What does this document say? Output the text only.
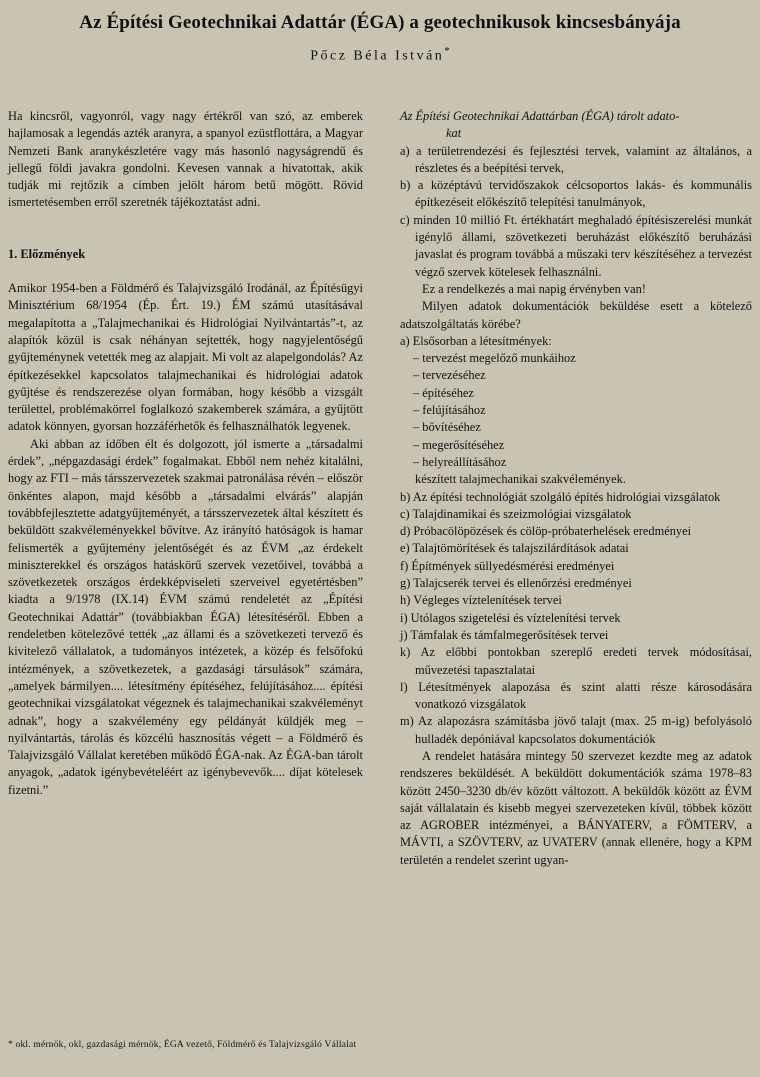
Az Építési Geotechnikai Adattár (ÉGA) a geotechnikusok kincsesbányája
Pőcz Béla István*

Ha kincsről, vagyonról, vagy nagy értékről van szó, az emberek hajlamosak a legendás azték aranyra, a spanyol ezüstflottára, a Magyar Nemzeti Bank aranykészletére vagy más hasonló nagyságrendű és jellegű földi javakra gondolni. Kevesen vannak a hivatottak, akik tudják mi rejtőzik a címben jelölt három betű mögött. Rövid ismertetésemben erről szeretnék tájékoztatást adni.

1. Előzmények

Amikor 1954-ben a Földmérő és Talajvizsgáló Irodánál, az Építésügyi Minisztérium 68/1954 (Ép. Ért. 19.) ÉM számú utasításával megalapította a „Talajmechanikai és Hidrológiai Nyilvántartás”-t, az alapítók közül is csak néhányan sejtették, hogy nagyjelentőségű gyűjteménynek vetették meg az alapjait. Mi volt az alapelgondolás? Az építkezésekkel kapcsolatos talajmechanikai és hidrológiai adatok gyűjtése és rendszerezése olyan formában, hogy később a vizsgált területtel, problémakörrel foglalkozó szakemberek számára, a gyűjtött adatok könnyen, gyorsan hozzáférhetők és felhasználhatók legyenek.

Aki abban az időben élt és dolgozott, jól ismerte a „társadalmi érdek”, „népgazdasági érdek” fogalmakat. Ebből nem nehéz kitalálni, hogy az FTI – más társszervezetek szakmai patronálása révén – először önkéntes alapon, majd később a „társadalmi elvárás” alapján továbbfejlesztette adatgyűjteményét, a társszervezetek által készített és beküldött szakvéleményekkel bővítve. Az irányító hatóságok is hamar felismerték a gyűjtemény jelentőségét és az ÉVM „az érdekelt miniszterekkel és országos hatáskörű szervek vezetőivel, továbbá a szövetkezetek országos érdekképviseleti szerveivel egyetértésben” kiadta a 9/1978 (IX.14) ÉVM számú rendeletét az „Építési Geotechnikai Adattár” (továbbiakban ÉGA) létesítéséről. Ebben a rendeletben kötelezővé tették „az állami és a szövetkezeti tervező és kivitelező vállalatok, a tudományos intézetek, a közép és felsőfokú intézmények, a szövetkezetek, a gazdasági társulások” számára, „amelyek bármilyen.... létesítmény építéséhez, felújításához.... építési geotechnikai vizsgálatokat végeznek és talajmechanikai szakvéleményt adnak”, hogy a szakvélemény egy példányát küldjék meg – nyilvántartás, tárolás és közcélú hasznosítás végett – a Földmérő és Talajvizsgáló Vállalat keretében működő ÉGA-nak. Az ÉGA-ban tárolt anyagok, „adatok igénybevételéért az igénybevevők.... díjat kötelesek fizetni.”

Az Építési Geotechnikai Adattárban (ÉGA) tárolt adato-
kat

a) a területrendezési és fejlesztési tervek, valamint az általános, a részletes és a beépítési tervek,

b) a középtávú tervidőszakok célcsoportos lakás- és kommunális építkezéseit előkészítő telepítési tanulmányok,

c) minden 10 millió Ft. értékhatárt meghaladó építésiszerelési munkát igénylő állami, szövetkezeti beruházást előkészítő beruházási javaslat és program továbbá a műszaki terv készítéséhez a tervezést végző szervek kötelesek felhasználni.

Ez a rendelkezés a mai napig érvényben van!

Milyen adatok dokumentációk beküldése esett a kötelező adatszolgáltatás körébe?

a) Elsősorban a létesítmények:

– tervezést megelőző munkáihoz

– tervezéséhez

– építéséhez

– felújításához

– bővítéséhez

– megerősítéséhez

– helyreállításához

készített talajmechanikai szakvélemények.

b) Az építési technológiát szolgáló építés hidrológiai vizsgálatok

c) Talajdinamikai és szeizmológiai vizsgálatok

d) Próbacölöpözések és cölöp-próbaterhelések eredményei

e) Talajtömörítések és talajszilárdítások adatai

f) Építmények süllyedésmérési eredményei

g) Talajcserék tervei és ellenőrzési eredményei

h) Végleges víztelenítések tervei

i) Utólagos szigetelési és víztelenítési tervek

j) Támfalak és támfalmegerősítések tervei

k) Az előbbi pontokban szereplő eredeti tervek módosításai, művezetési tapasztalatai

l) Létesítmények alapozása és szint alatti része károsodására vonatkozó vizsgálatok

m) Az alapozásra számításba jövő talajt (max. 25 m-ig) befolyásoló hulladék depóniával kapcsolatos dokumentációk

A rendelet hatására mintegy 50 szervezet kezdte meg az adatok rendszeres beküldését. A beküldött dokumentációk száma 1978–83 között 2450–3230 db/év között változott. A beküldők között az ÉVM saját vállalatain és kisebb megyei szervezeteken kívül, többek között az AGROBER intézményei, a BÁNYATERV, a FÖMTERV, a MÁVTI, a SZÖVTERV, az UVATERV (annak ellenére, hogy a KPM területén a rendelet szerint ugyan-

* okl. mérnök, okl, gazdasági mérnök, ÉGA vezető, Földmérő és Talajvizsgáló Vállalat
